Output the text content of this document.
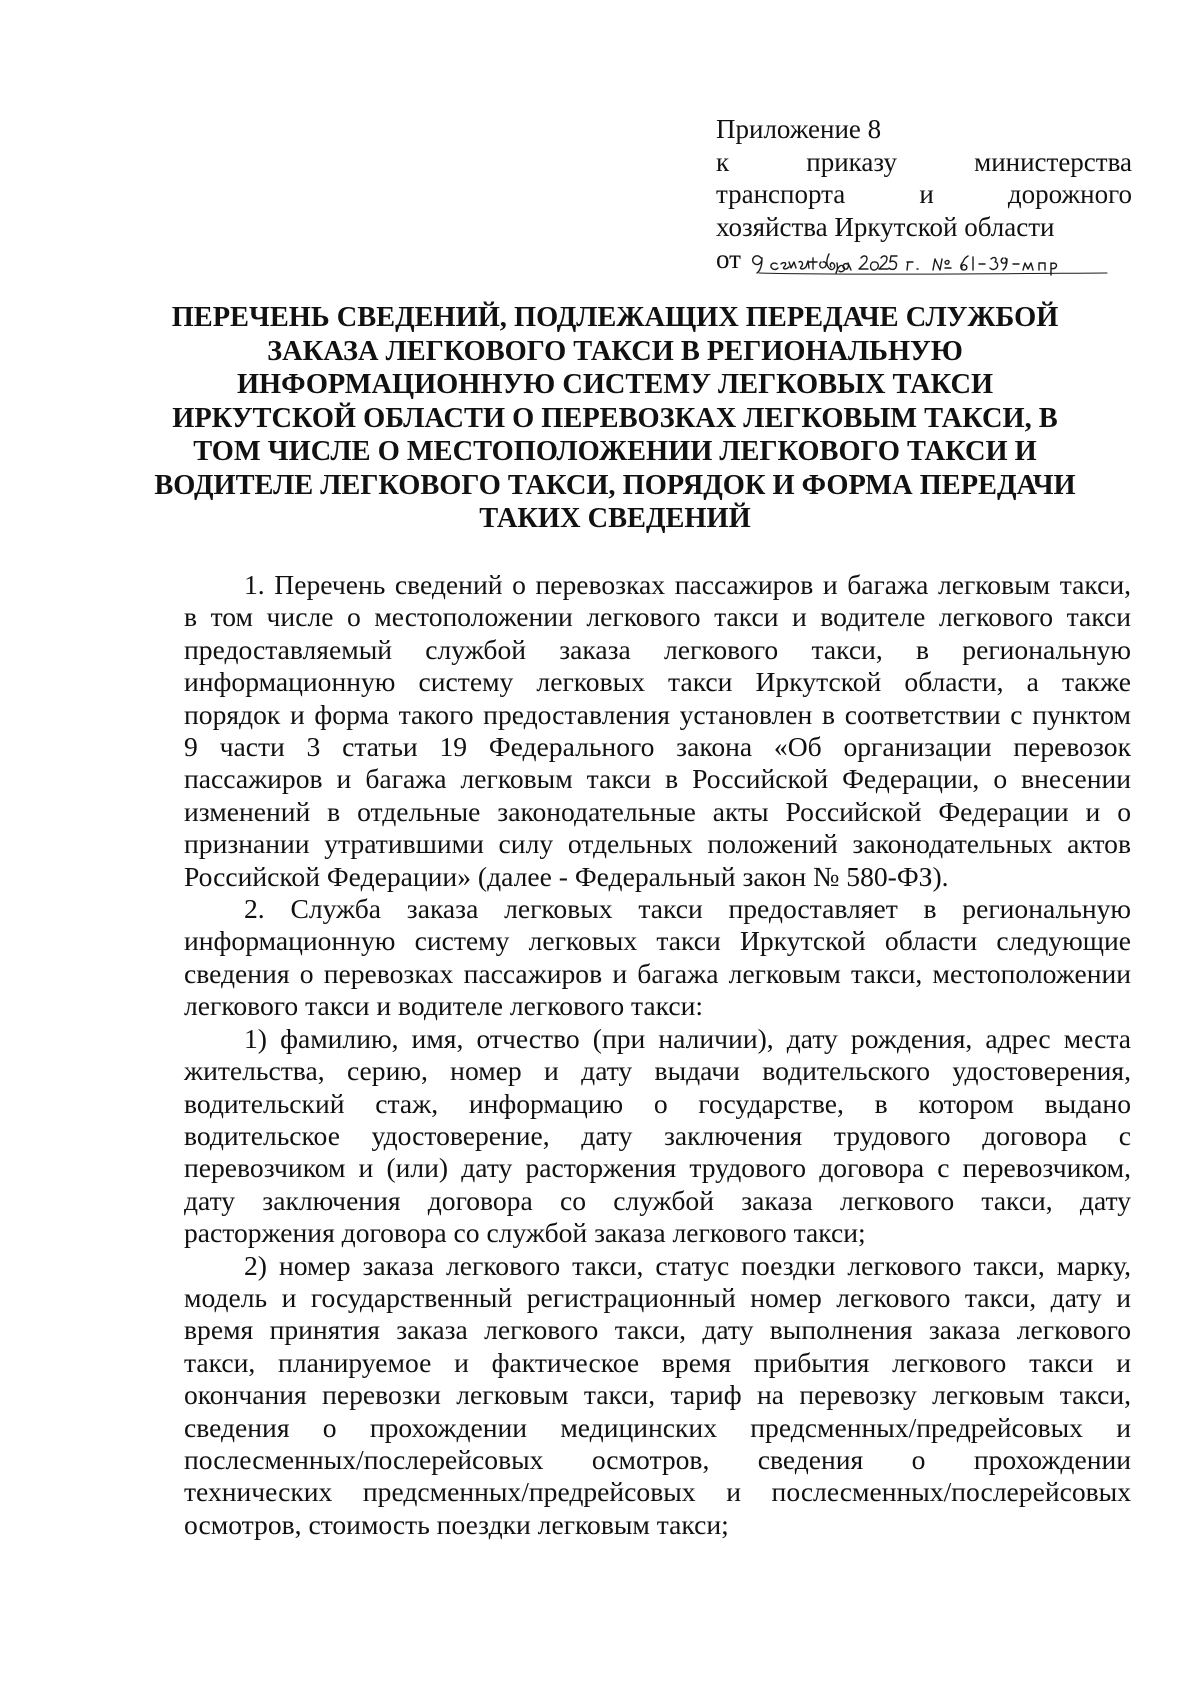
Приложение 8
к	приказу	министерства
транспорта	и	дорожного
хозяйства Иркутской области
от
ПЕРЕЧЕНЬ СВЕДЕНИЙ, ПОДЛЕЖАЩИХ ПЕРЕДАЧЕ СЛУЖБОЙ
ЗАКАЗА ЛЕГКОВОГО ТАКСИ В РЕГИОНАЛЬНУЮ
ИНФОРМАЦИОННУЮ СИСТЕМУ ЛЕГКОВЫХ ТАКСИ
ИРКУТСКОЙ ОБЛАСТИ О ПЕРЕВОЗКАХ ЛЕГКОВЫМ ТАКСИ, В
ТОМ ЧИСЛЕ О МЕСТОПОЛОЖЕНИИ ЛЕГКОВОГО ТАКСИ И
ВОДИТЕЛЕ ЛЕГКОВОГО ТАКСИ, ПОРЯДОК И ФОРМА ПЕРЕДАЧИ
ТАКИХ СВЕДЕНИЙ
1. Перечень сведений о перевозках пассажиров и багажа легковым такси,
в том числе о местоположении легкового такси и водителе легкового такси
предоставляемый службой заказа легкового такси, в региональную
информационную систему легковых такси Иркутской области, а также
порядок и форма такого предоставления установлен в соответствии с пунктом
9 части 3 статьи 19 Федерального закона «Об организации перевозок
пассажиров и багажа легковым такси в Российской Федерации, о внесении
изменений в отдельные законодательные акты Российской Федерации и о
признании утратившими силу отдельных положений законодательных актов
Российской Федерации» (далее - Федеральный закон № 580-ФЗ).
2. Служба заказа легковых такси предоставляет в региональную
информационную систему легковых такси Иркутской области следующие
сведения о перевозках пассажиров и багажа легковым такси, местоположении
легкового такси и водителе легкового такси:
1) фамилию, имя, отчество (при наличии), дату рождения, адрес места
жительства, серию, номер и дату выдачи водительского удостоверения,
водительский стаж, информацию о государстве, в котором выдано
водительское удостоверение, дату заключения трудового договора с
перевозчиком и (или) дату расторжения трудового договора с перевозчиком,
дату заключения договора со службой заказа легкового такси, дату
расторжения договора со службой заказа легкового такси;
2) номер заказа легкового такси, статус поездки легкового такси, марку,
модель и государственный регистрационный номер легкового такси, дату и
время принятия заказа легкового такси, дату выполнения заказа легкового
такси, планируемое и фактическое время прибытия легкового такси и
окончания перевозки легковым такси, тариф на перевозку легковым такси,
сведения о прохождении медицинских предсменных/предрейсовых и
послесменных/послерейсовых осмотров, сведения о прохождении
технических предсменных/предрейсовых и послесменных/послерейсовых
осмотров, стоимость поездки легковым такси;
